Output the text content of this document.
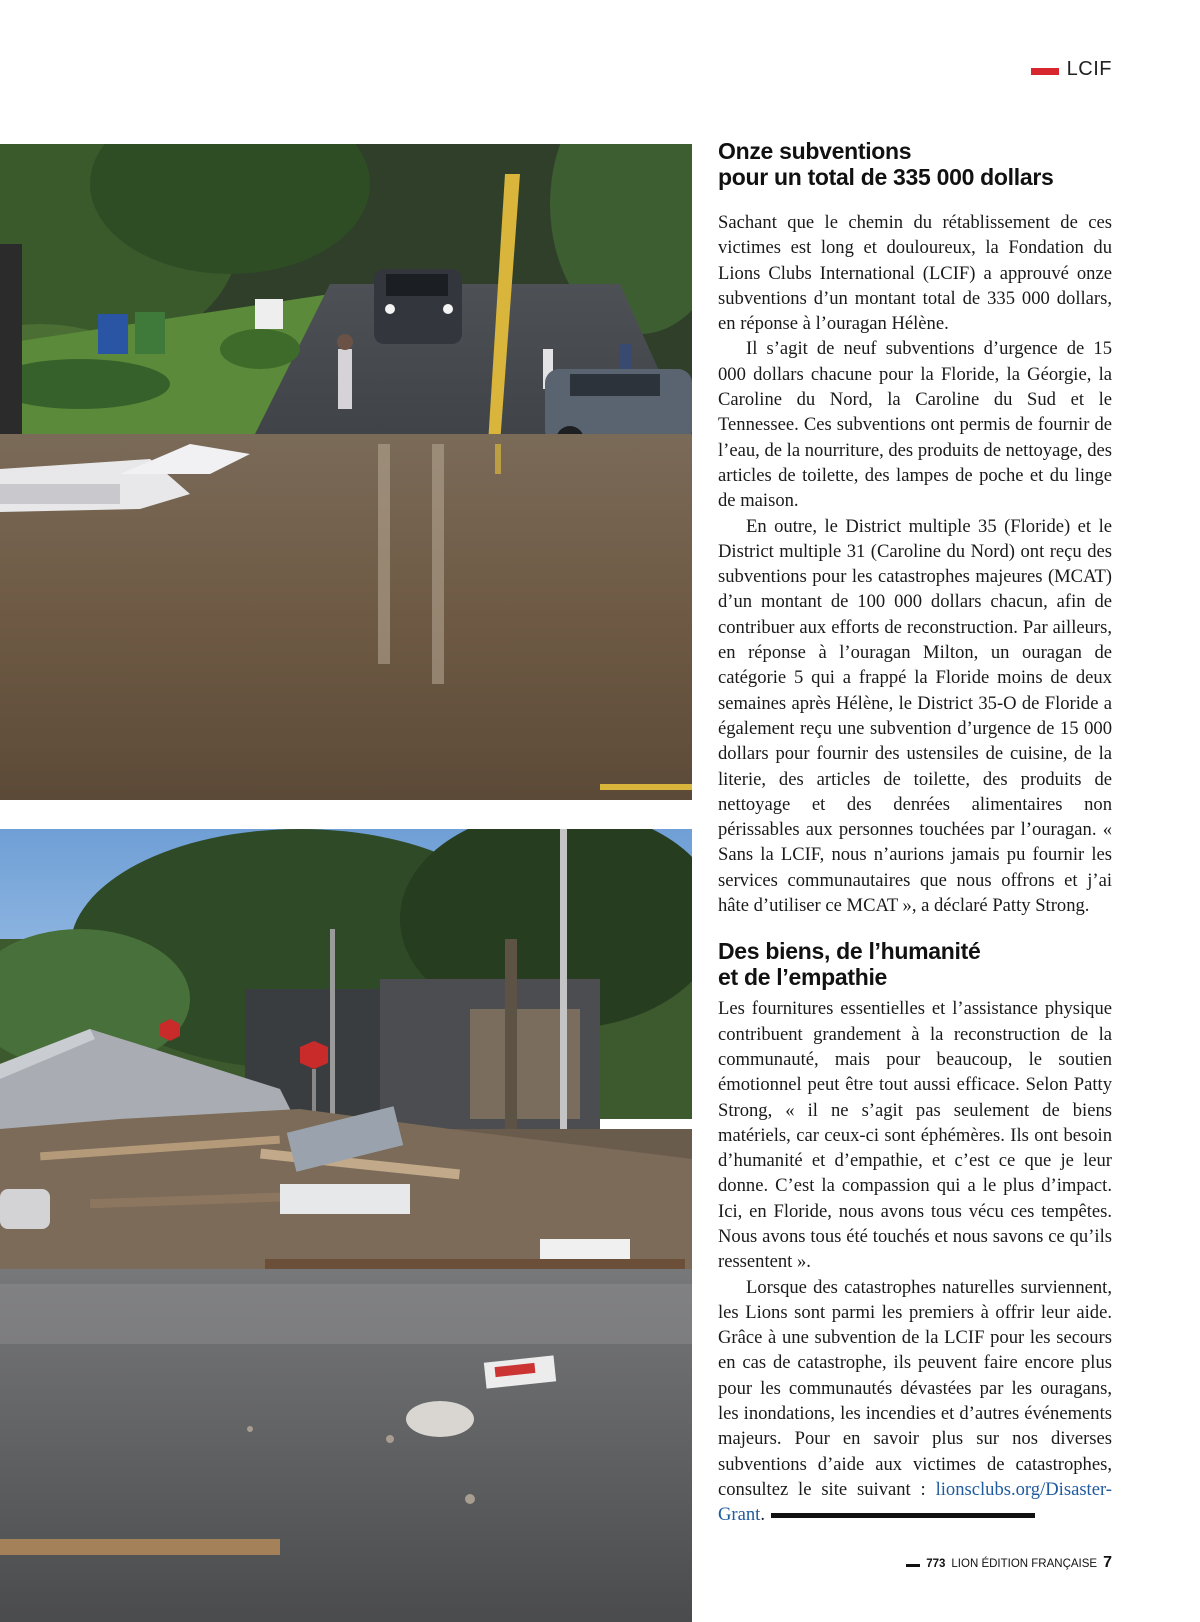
LCIF
Onze subventions
pour un total de 335 000 dollars

Sachant que le chemin du rétablissement de ces victimes est long et douloureux, la Fondation du Lions Clubs International (LCIF) a approuvé onze subventions d’un montant total de 335 000 dollars, en réponse à l’ouragan Hélène.

Il s’agit de neuf subventions d’urgence de 15 000 dollars chacune pour la Floride, la Géorgie, la Caroline du Nord, la Caroline du Sud et le Tennessee. Ces subventions ont permis de fournir de l’eau, de la nourriture, des produits de nettoyage, des articles de toilette, des lampes de poche et du linge de maison.

En outre, le District multiple 35 (Floride) et le District multiple 31 (Caroline du Nord) ont reçu des subventions pour les catastrophes majeures (MCAT) d’un montant de 100 000 dollars chacun, afin de contribuer aux efforts de reconstruction. Par ailleurs, en réponse à l’ouragan Milton, un ouragan de catégorie 5 qui a frappé la Floride moins de deux semaines après Hélène, le District 35-O de Floride a également reçu une subvention d’urgence de 15 000 dollars pour fournir des ustensiles de cuisine, de la literie, des articles de toilette, des produits de nettoyage et des denrées alimentaires non périssables aux personnes touchées par l’ouragan. « Sans la LCIF, nous n’aurions jamais pu fournir les services communautaires que nous offrons et j’ai hâte d’utiliser ce MCAT », a déclaré Patty Strong.

Des biens, de l’humanité
et de l’empathie

Les fournitures essentielles et l’assistance physique contribuent grandement à la reconstruction de la communauté, mais pour beaucoup, le soutien émotionnel peut être tout aussi efficace. Selon Patty Strong, « il ne s’agit pas seulement de biens matériels, car ceux-ci sont éphémères. Ils ont besoin d’humanité et d’empathie, et c’est ce que je leur donne. C’est la compassion qui a le plus d’impact. Ici, en Floride, nous avons tous vécu ces tempêtes. Nous avons tous été touchés et nous savons ce qu’ils ressentent ».

Lorsque des catastrophes naturelles surviennent, les Lions sont parmi les premiers à offrir leur aide. Grâce à une subvention de la LCIF pour les secours en cas de catastrophe, ils peuvent faire encore plus pour les communautés dévastées par les ouragans, les inondations, les incendies et d’autres événements majeurs. Pour en savoir plus sur nos diverses subventions d’aide aux victimes de catastrophes, consultez le site suivant : lionsclubs.org/Disaster-Grant.

773 LION ÉDITION FRANÇAISE 7
